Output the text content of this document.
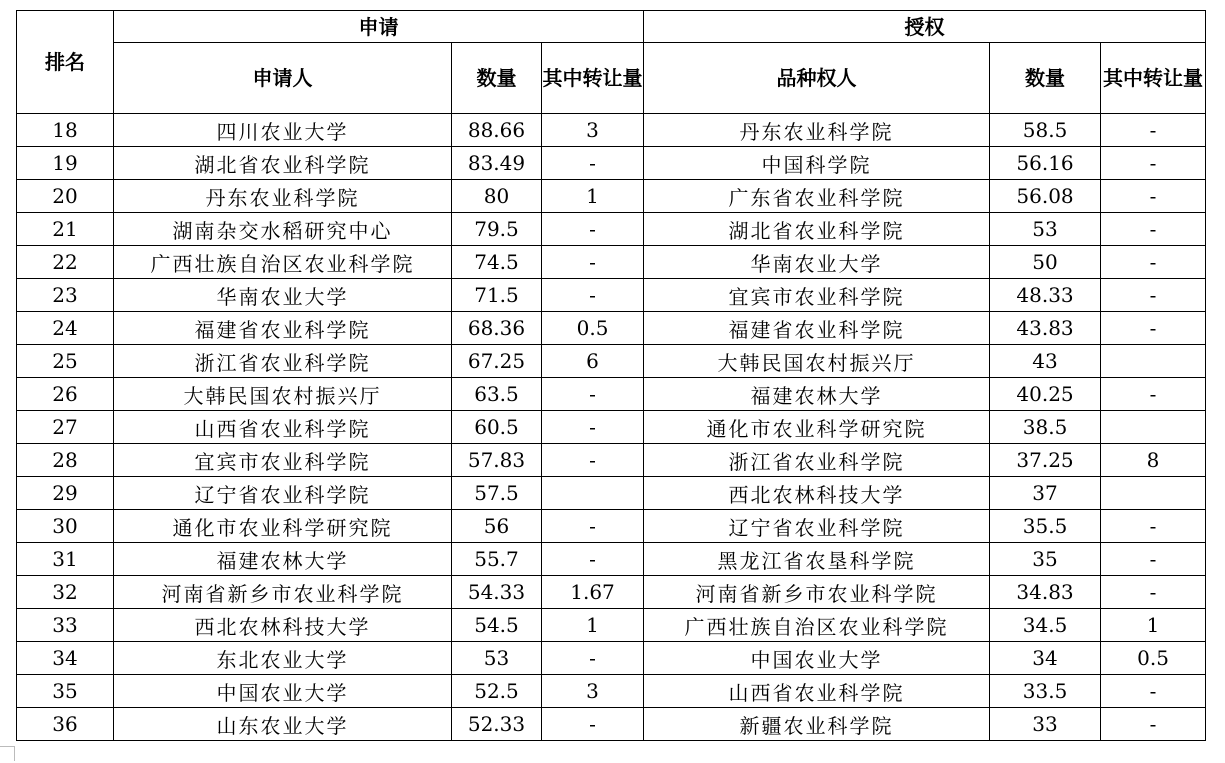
排名	申请			授权		
	申请人	数量	其中转让量	品种权人	数量	其中转让量
18	四川农业大学	88.66	3	丹东农业科学院	58.5	-
19	湖北省农业科学院	83.49	-	中国科学院	56.16	-
20	丹东农业科学院	80	1	广东省农业科学院	56.08	-
21	湖南杂交水稻研究中心	79.5	-	湖北省农业科学院	53	-
22	广西壮族自治区农业科学院	74.5	-	华南农业大学	50	-
23	华南农业大学	71.5	-	宜宾市农业科学院	48.33	-
24	福建省农业科学院	68.36	0.5	福建省农业科学院	43.83	-
25	浙江省农业科学院	67.25	6	大韩民国农村振兴厅	43	
26	大韩民国农村振兴厅	63.5	-	福建农林大学	40.25	-
27	山西省农业科学院	60.5	-	通化市农业科学研究院	38.5	
28	宜宾市农业科学院	57.83	-	浙江省农业科学院	37.25	8
29	辽宁省农业科学院	57.5		西北农林科技大学	37	
30	通化市农业科学研究院	56	-	辽宁省农业科学院	35.5	-
31	福建农林大学	55.7	-	黑龙江省农垦科学院	35	-
32	河南省新乡市农业科学院	54.33	1.67	河南省新乡市农业科学院	34.83	-
33	西北农林科技大学	54.5	1	广西壮族自治区农业科学院	34.5	1
34	东北农业大学	53	-	中国农业大学	34	0.5
35	中国农业大学	52.5	3	山西省农业科学院	33.5	-
36	山东农业大学	52.33	-	新疆农业科学院	33	-
